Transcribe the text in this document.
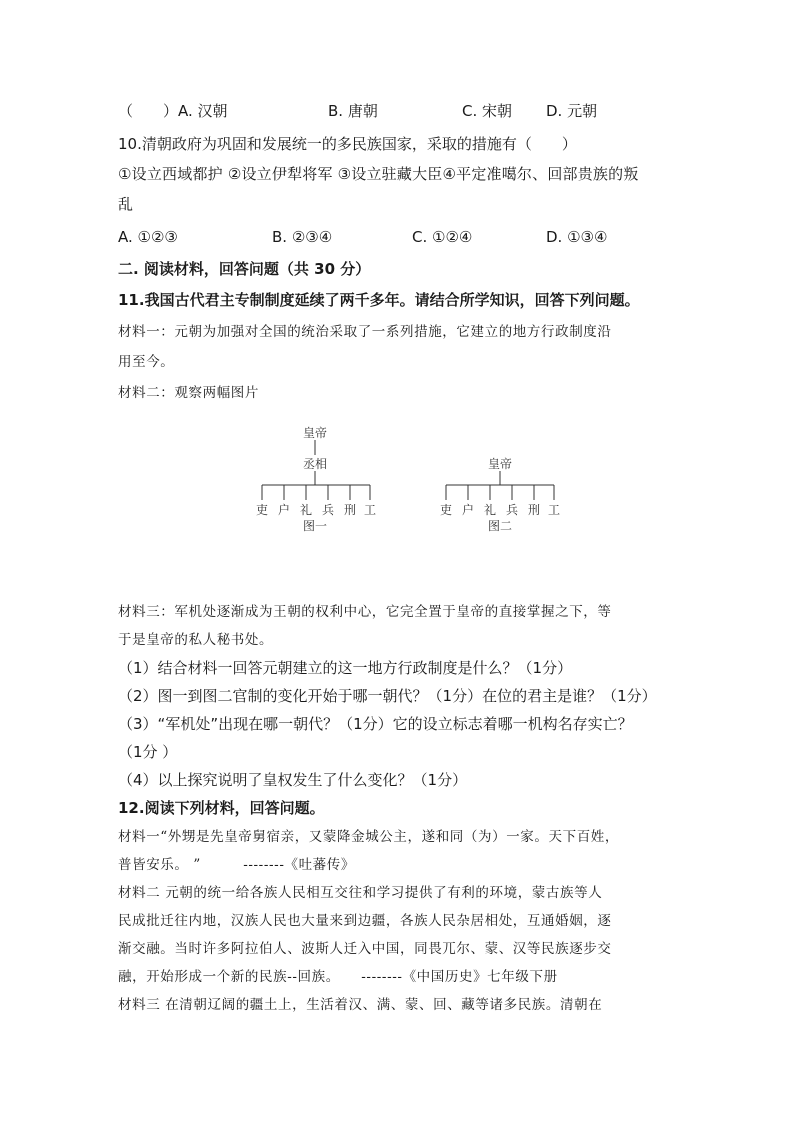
（　　）A. 汉朝	B. 唐朝	C. 宋朝 D. 元朝
10.清朝政府为巩固和发展统一的多民族国家，采取的措施有（　　）
①设立西域都护 ②设立伊犁将军 ③设立驻藏大臣④平定准噶尔、回部贵族的叛
乱
A. ①②③	B. ②③④	C. ①②④	D. ①③④
二. 阅读材料，回答问题（共 30 分）
11.我国古代君主专制制度延续了两千多年。请结合所学知识，回答下列问题。
材料一：元朝为加强对全国的统治采取了一系列措施，它建立的地方行政制度沿
用至今。
材料二：观察两幅图片
皇帝
丞相
吏 户 礼 兵 刑 工
图一
皇帝
吏 户 礼 兵 刑 工
图二
材料三：军机处逐渐成为王朝的权利中心，它完全置于皇帝的直接掌握之下，等
于是皇帝的私人秘书处。
（1）结合材料一回答元朝建立的这一地方行政制度是什么？（1分）
（2）图一到图二官制的变化开始于哪一朝代？（1分）在位的君主是谁？（1分）
（3）“军机处”出现在哪一朝代？（1分）它的设立标志着哪一机构名存实亡？
（1分 ）
（4）以上探究说明了皇权发生了什么变化？（1分）
12.阅读下列材料，回答问题。
材料一“外甥是先皇帝舅宿亲，又蒙降金城公主，遂和同（为）一家。天下百姓，
普皆安乐。 ”　　　--------《吐蕃传》
材料二 元朝的统一给各族人民相互交往和学习提供了有利的环境，蒙古族等人
民成批迁往内地，汉族人民也大量来到边疆，各族人民杂居相处，互通婚姻，逐
渐交融。当时许多阿拉伯人、波斯人迁入中国，同畏兀尔、蒙、汉等民族逐步交
融，开始形成一个新的民族--回族。　　--------《中国历史》七年级下册
材料三 在清朝辽阔的疆土上，生活着汉、满、蒙、回、藏等诸多民族。清朝在
